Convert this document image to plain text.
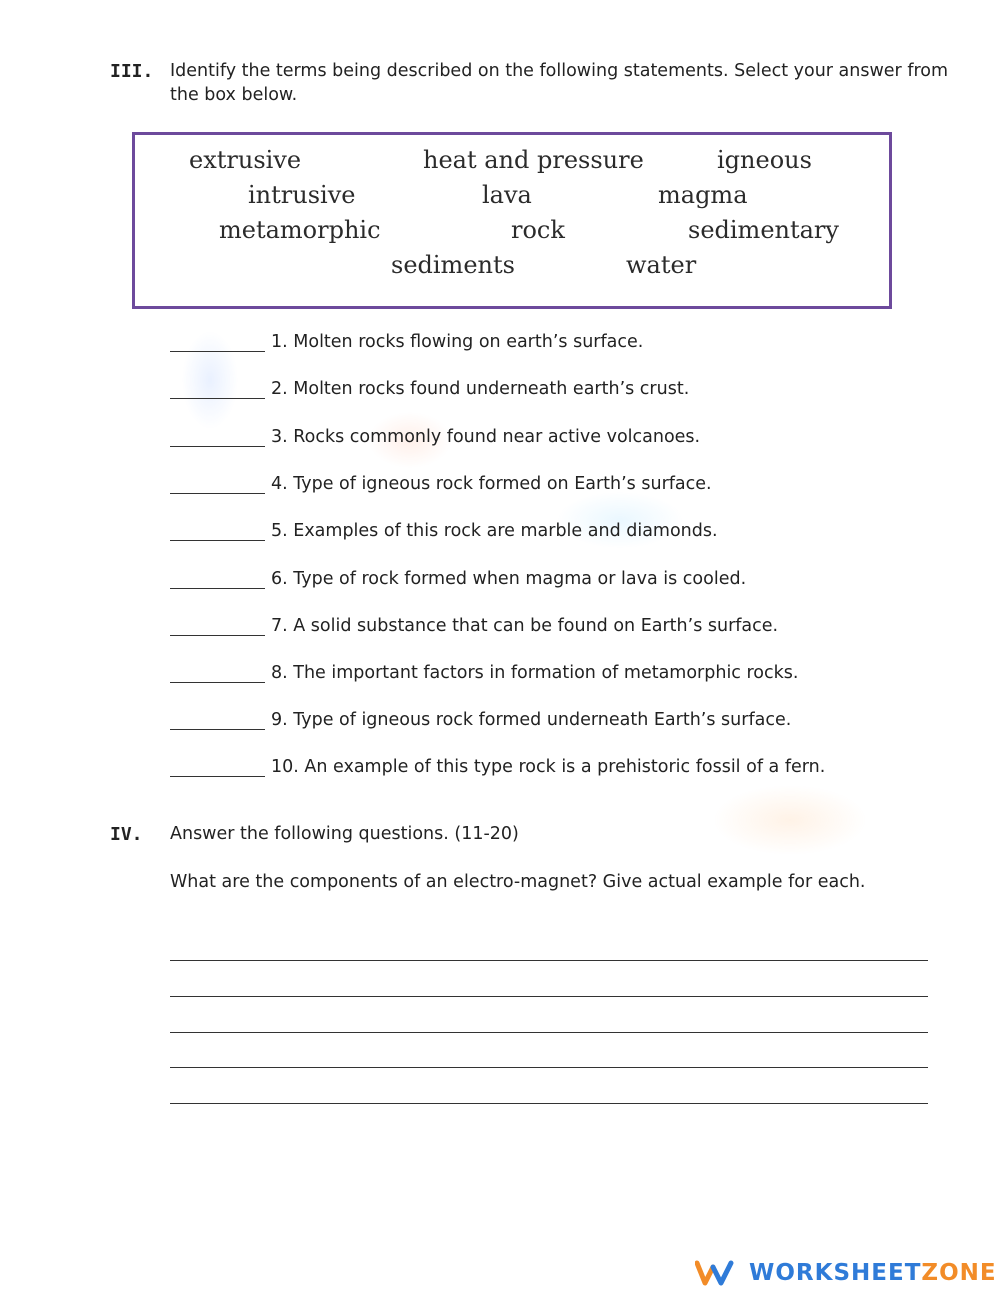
III. Identify the terms being described on the following statements. Select your answer from
the box below.
extrusive	heat and pressure	igneous
intrusive	lava	magma
metamorphic	rock	sedimentary
sediments	water
1. Molten rocks flowing on earth’s surface.
2. Molten rocks found underneath earth’s crust.
3. Rocks commonly found near active volcanoes.
4. Type of igneous rock formed on Earth’s surface.
5. Examples of this rock are marble and diamonds.
6. Type of rock formed when magma or lava is cooled.
7. A solid substance that can be found on Earth’s surface.
8. The important factors in formation of metamorphic rocks.
9. Type of igneous rock formed underneath Earth’s surface.
10. An example of this type rock is a prehistoric fossil of a fern.
IV. Answer the following questions. (11-20)
What are the components of an electro-magnet? Give actual example for each.
WORKSHEET ZONE
